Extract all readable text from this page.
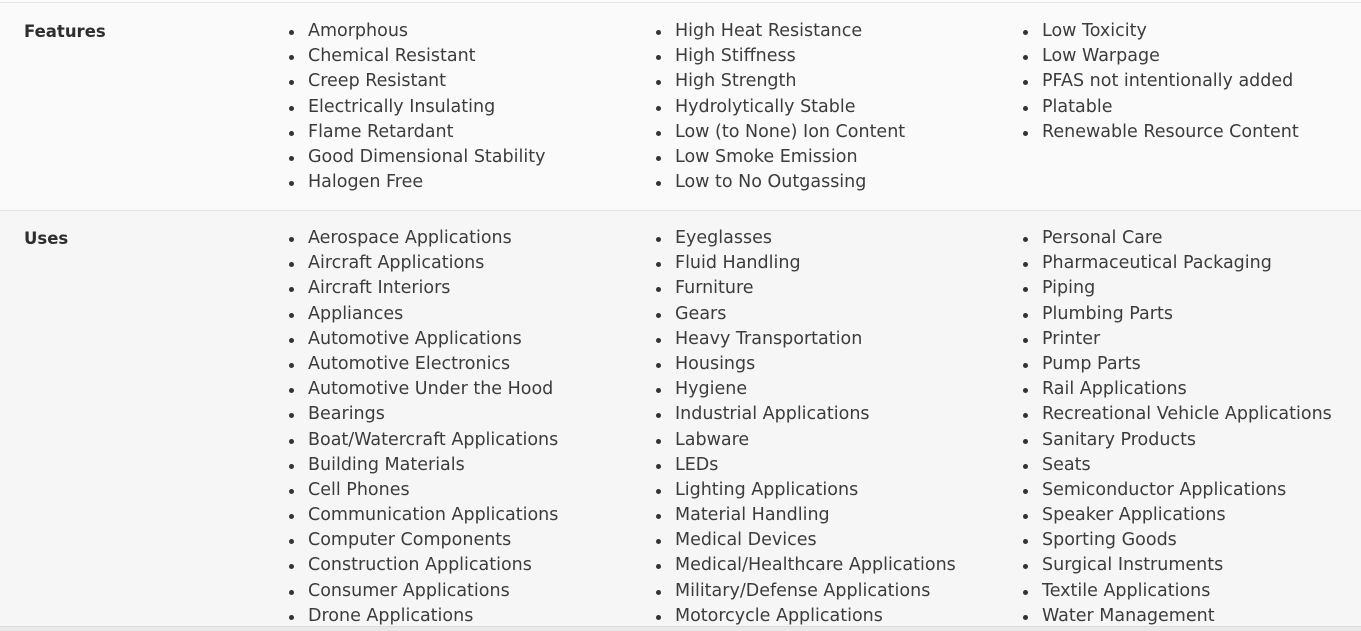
Features	Amorphous
Chemical Resistant
Creep Resistant
Electrically Insulating
Flame Retardant
Good Dimensional Stability
Halogen Free
High Heat Resistance
High Stiffness
High Strength
Hydrolytically Stable
Low (to None) Ion Content
Low Smoke Emission
Low to No Outgassing
Low Toxicity
Low Warpage
PFAS not intentionally added
Platable
Renewable Resource Content
Uses	Aerospace Applications
Aircraft Applications
Aircraft Interiors
Appliances
Automotive Applications
Automotive Electronics
Automotive Under the Hood
Bearings
Boat/Watercraft Applications
Building Materials
Cell Phones
Communication Applications
Computer Components
Construction Applications
Consumer Applications
Drone Applications
Eyeglasses
Fluid Handling
Furniture
Gears
Heavy Transportation
Housings
Hygiene
Industrial Applications
Labware
LEDs
Lighting Applications
Material Handling
Medical Devices
Medical/Healthcare Applications
Military/Defense Applications
Motorcycle Applications
Personal Care
Pharmaceutical Packaging
Piping
Plumbing Parts
Printer
Pump Parts
Rail Applications
Recreational Vehicle Applications
Sanitary Products
Seats
Semiconductor Applications
Speaker Applications
Sporting Goods
Surgical Instruments
Textile Applications
Water Management
